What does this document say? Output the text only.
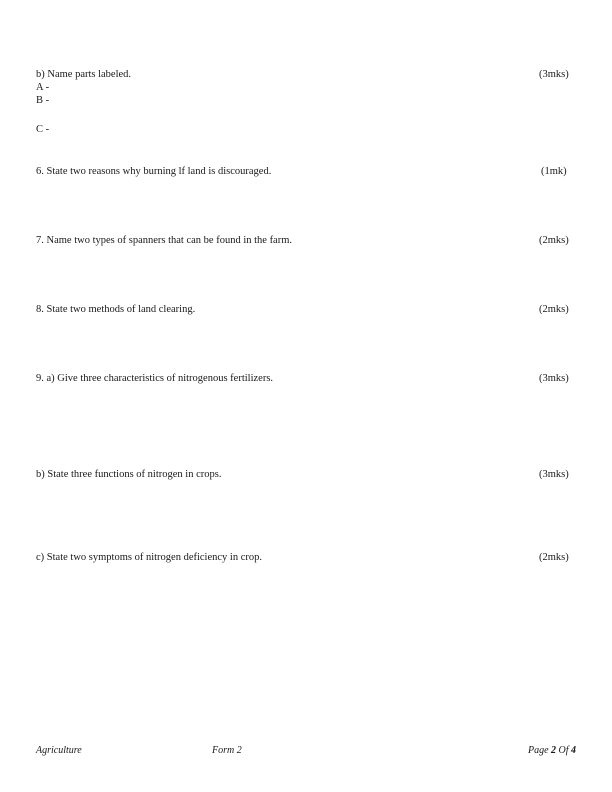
b) Name parts labeled.	(3mks)
A -
B -
C -
6. State two reasons why burning lf land is discouraged.	(1mk)
7. Name two types of spanners that can be found in the farm.	(2mks)
8. State two methods of land clearing.	(2mks)
9. a) Give three characteristics of nitrogenous fertilizers.	(3mks)
b) State three functions of nitrogen in crops.	(3mks)
c) State two symptoms of nitrogen deficiency in crop.	(2mks)
Agriculture	Form 2	Page 2 Of 4
